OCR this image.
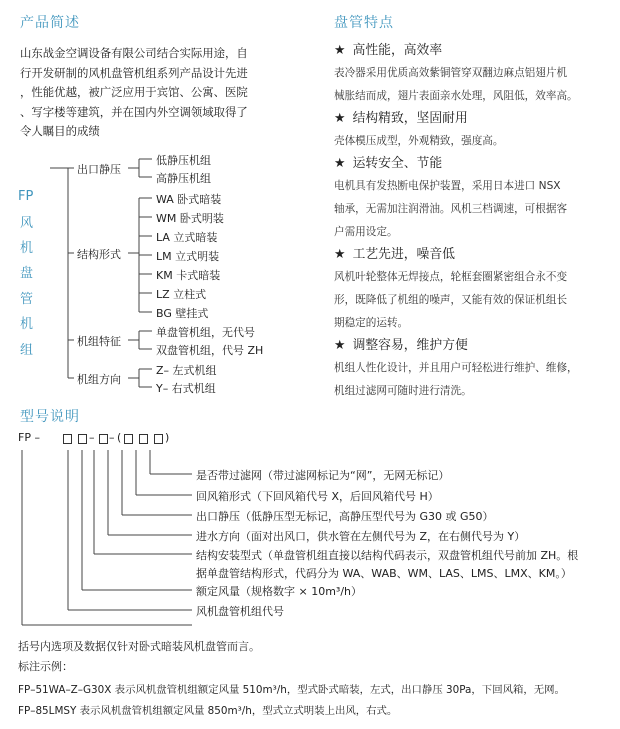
产品简述
山东战金空调设备有限公司结合实际用途，自
行开发研制的风机盘管机组系列产品设计先进
，性能优越，被广泛应用于宾馆、公寓、医院
、写字楼等建筑，并在国内外空调领域取得了
令人瞩目的成绩
FP
风
机
盘
管
机
组
出口静压
结构形式
机组特征
机组方向
低静压机组
高静压机组
WA 卧式暗装
WM 卧式明装
LA 立式暗装
LM 立式明装
KM 卡式暗装
LZ 立柱式
BG 壁挂式
单盘管机组，无代号
双盘管机组，代号 ZH
Z– 左式机组
Y– 右式机组
盘管特点
★ 高性能，高效率
表冷器采用优质高效紫铜管穿双翻边麻点铝翅片机
械胀结而成，翅片表面亲水处理，风阻低，效率高。
★ 结构精致，坚固耐用
壳体模压成型，外观精致，强度高。
★ 运转安全、节能
电机具有发热断电保护装置，采用日本进口 NSX
轴承，无需加注润滑油。风机三档调速，可根据客
户需用设定。
★ 工艺先进，噪音低
风机叶轮整体无焊接点，轮框套圈紧密组合永不变
形，既降低了机组的噪声，又能有效的保证机组长
期稳定的运转。
★ 调整容易，维护方便
机组人性化设计，并且用户可轻松进行维护、维修，
机组过滤网可随时进行清洗。
型号说明
FP –	– – (	)
是否带过滤网（带过滤网标记为“网”，无网无标记）
回风箱形式（下回风箱代号 X，后回风箱代号 H）
出口静压（低静压型无标记，高静压型代号为 G30 或 G50）
进水方向（面对出风口，供水管在左侧代号为 Z，在右侧代号为 Y）
结构安装型式（单盘管机组直接以结构代码表示，双盘管机组代号前加 ZH。根
据单盘管结构形式，代码分为 WA、WAB、WM、LAS、LMS、LMX、KM。）
额定风量（规格数字 × 10m³/h）
风机盘管机组代号
括号内选项及数据仅针对卧式暗装风机盘管而言。
标注示例：
FP–51WA–Z–G30X 表示风机盘管机组额定风量 510m³/h，型式卧式暗装，左式，出口静压 30Pa，下回风箱，无网。
FP–85LMSY 表示风机盘管机组额定风量 850m³/h，型式立式明装上出风，右式。
